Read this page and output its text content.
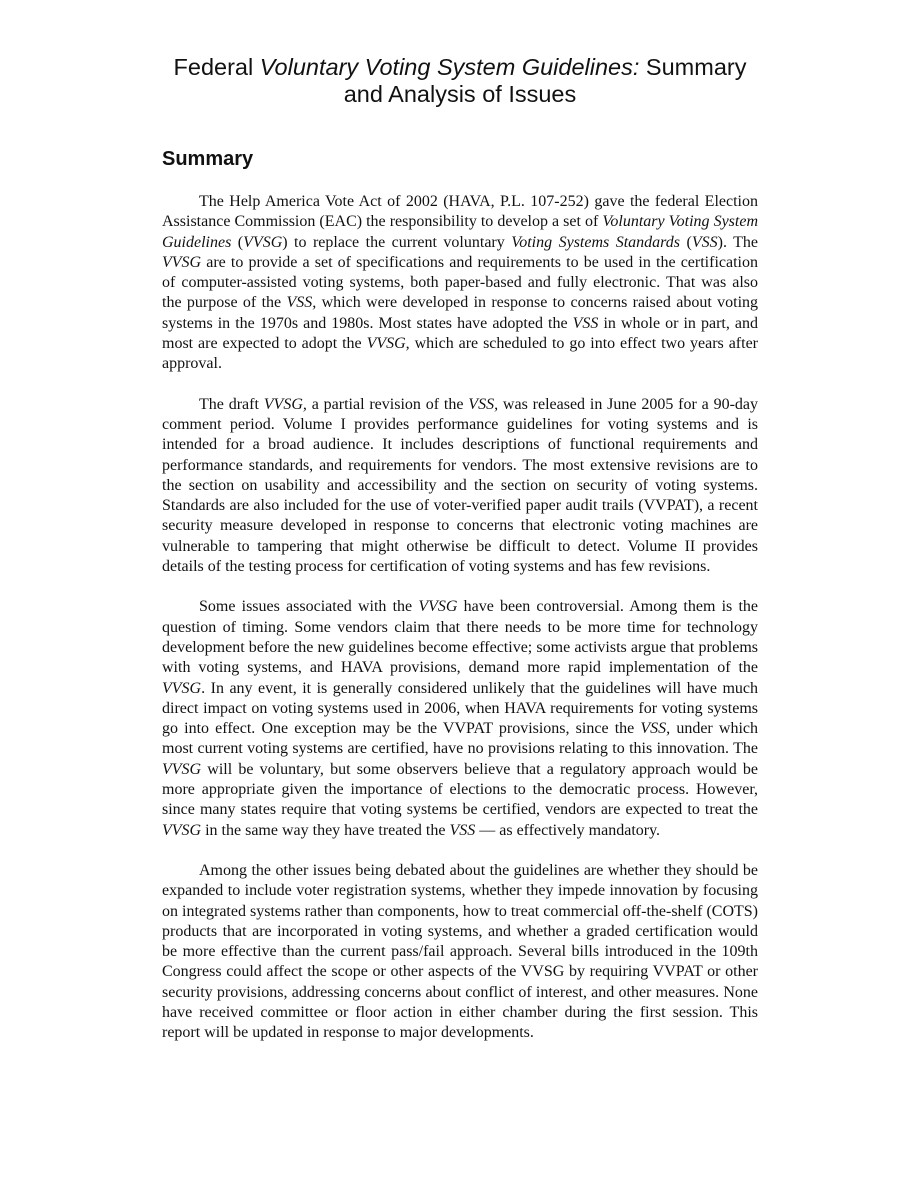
Federal Voluntary Voting System Guidelines: Summary and Analysis of Issues
Summary

The Help America Vote Act of 2002 (HAVA, P.L. 107-252) gave the federal Election Assistance Commission (EAC) the responsibility to develop a set of Voluntary Voting System Guidelines (VVSG) to replace the current voluntary Voting Systems Standards (VSS). The VVSG are to provide a set of specifications and requirements to be used in the certification of computer-assisted voting systems, both paper-based and fully electronic. That was also the purpose of the VSS, which were developed in response to concerns raised about voting systems in the 1970s and 1980s. Most states have adopted the VSS in whole or in part, and most are expected to adopt the VVSG, which are scheduled to go into effect two years after approval.

The draft VVSG, a partial revision of the VSS, was released in June 2005 for a 90-day comment period. Volume I provides performance guidelines for voting systems and is intended for a broad audience. It includes descriptions of functional requirements and performance standards, and requirements for vendors. The most extensive revisions are to the section on usability and accessibility and the section on security of voting systems. Standards are also included for the use of voter-verified paper audit trails (VVPAT), a recent security measure developed in response to concerns that electronic voting machines are vulnerable to tampering that might otherwise be difficult to detect. Volume II provides details of the testing process for certification of voting systems and has few revisions.

Some issues associated with the VVSG have been controversial. Among them is the question of timing. Some vendors claim that there needs to be more time for technology development before the new guidelines become effective; some activists argue that problems with voting systems, and HAVA provisions, demand more rapid implementation of the VVSG. In any event, it is generally considered unlikely that the guidelines will have much direct impact on voting systems used in 2006, when HAVA requirements for voting systems go into effect. One exception may be the VVPAT provisions, since the VSS, under which most current voting systems are certified, have no provisions relating to this innovation. The VVSG will be voluntary, but some observers believe that a regulatory approach would be more appropriate given the importance of elections to the democratic process. However, since many states require that voting systems be certified, vendors are expected to treat the VVSG in the same way they have treated the VSS — as effectively mandatory.

Among the other issues being debated about the guidelines are whether they should be expanded to include voter registration systems, whether they impede innovation by focusing on integrated systems rather than components, how to treat commercial off-the-shelf (COTS) products that are incorporated in voting systems, and whether a graded certification would be more effective than the current pass/fail approach. Several bills introduced in the 109th Congress could affect the scope or other aspects of the VVSG by requiring VVPAT or other security provisions, addressing concerns about conflict of interest, and other measures. None have received committee or floor action in either chamber during the first session. This report will be updated in response to major developments.
